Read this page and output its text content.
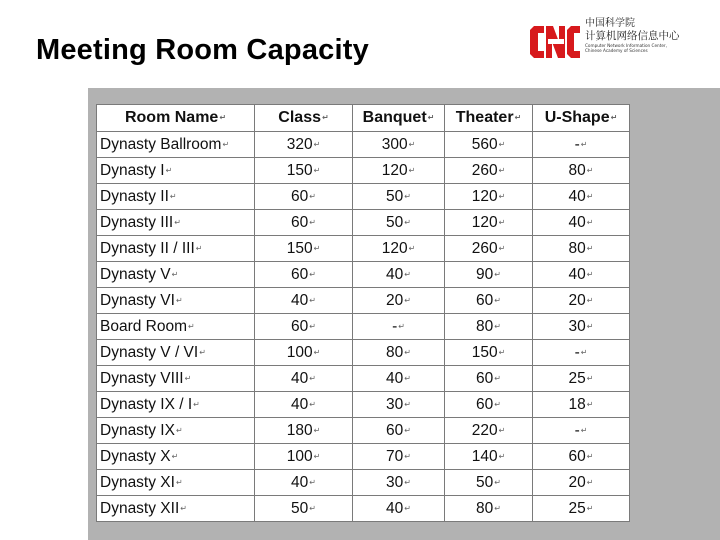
Meeting Room Capacity
中国科学院
计算机网络信息中心
Computer Network Information Center,
Chinese Academy of Sciences
Room Name↵	Class↵	Banquet↵	Theater↵	U-Shape↵
Dynasty Ballroom↵	320↵	300↵	560↵	-↵
Dynasty I↵	150↵	120↵	260↵	80↵
Dynasty II↵	60↵	50↵	120↵	40↵
Dynasty III↵	60↵	50↵	120↵	40↵
Dynasty II / III↵	150↵	120↵	260↵	80↵
Dynasty V↵	60↵	40↵	90↵	40↵
Dynasty VI↵	40↵	20↵	60↵	20↵
Board Room↵	60↵	-↵	80↵	30↵
Dynasty V / VI↵	100↵	80↵	150↵	-↵
Dynasty VIII↵	40↵	40↵	60↵	25↵
Dynasty IX / I↵	40↵	30↵	60↵	18↵
Dynasty IX↵	180↵	60↵	220↵	-↵
Dynasty X↵	100↵	70↵	140↵	60↵
Dynasty XI↵	40↵	30↵	50↵	20↵
Dynasty XII↵	50↵	40↵	80↵	25↵
